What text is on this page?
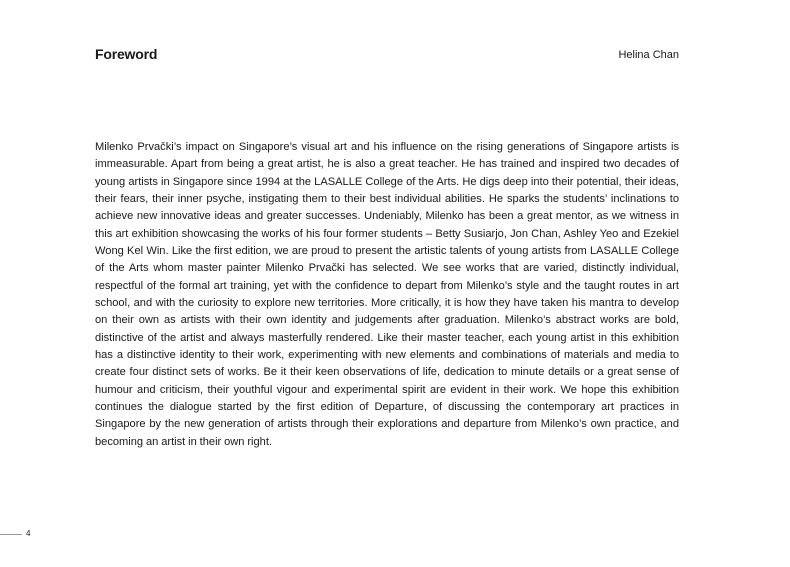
Foreword	Helina Chan

Milenko Prvački’s impact on Singapore’s visual art and his influence on the rising generations of Singapore artists is immeasurable. Apart from being a great artist, he is also a great teacher. He has trained and inspired two decades of young artists in Singapore since 1994 at the LASALLE College of the Arts. He digs deep into their potential, their ideas, their fears, their inner psyche, instigating them to their best individual abilities. He sparks the students’ inclinations to achieve new innovative ideas and greater successes. Undeniably, Milenko has been a great mentor, as we witness in this art exhibition showcasing the works of his four former students – Betty Susiarjo, Jon Chan, Ashley Yeo and Ezekiel Wong Kel Win. Like the first edition, we are proud to present the artistic talents of young artists from LASALLE College of the Arts whom master painter Milenko Prvački has selected. We see works that are varied, distinctly individual, respectful of the formal art training, yet with the confidence to depart from Milenko’s style and the taught routes in art school, and with the curiosity to explore new territories. More critically, it is how they have taken his mantra to develop on their own as artists with their own identity and judgements after graduation. Milenko’s abstract works are bold, distinctive of the artist and always masterfully rendered. Like their master teacher, each young artist in this exhibition has a distinctive identity to their work, experimenting with new elements and combinations of materials and media to create four distinct sets of works. Be it their keen observations of life, dedication to minute details or a great sense of humour and criticism, their youthful vigour and experimental spirit are evident in their work. We hope this exhibition continues the dialogue started by the first edition of Departure, of discussing the contemporary art practices in Singapore by the new generation of artists through their explorations and departure from Milenko’s own practice, and becoming an artist in their own right.

4
